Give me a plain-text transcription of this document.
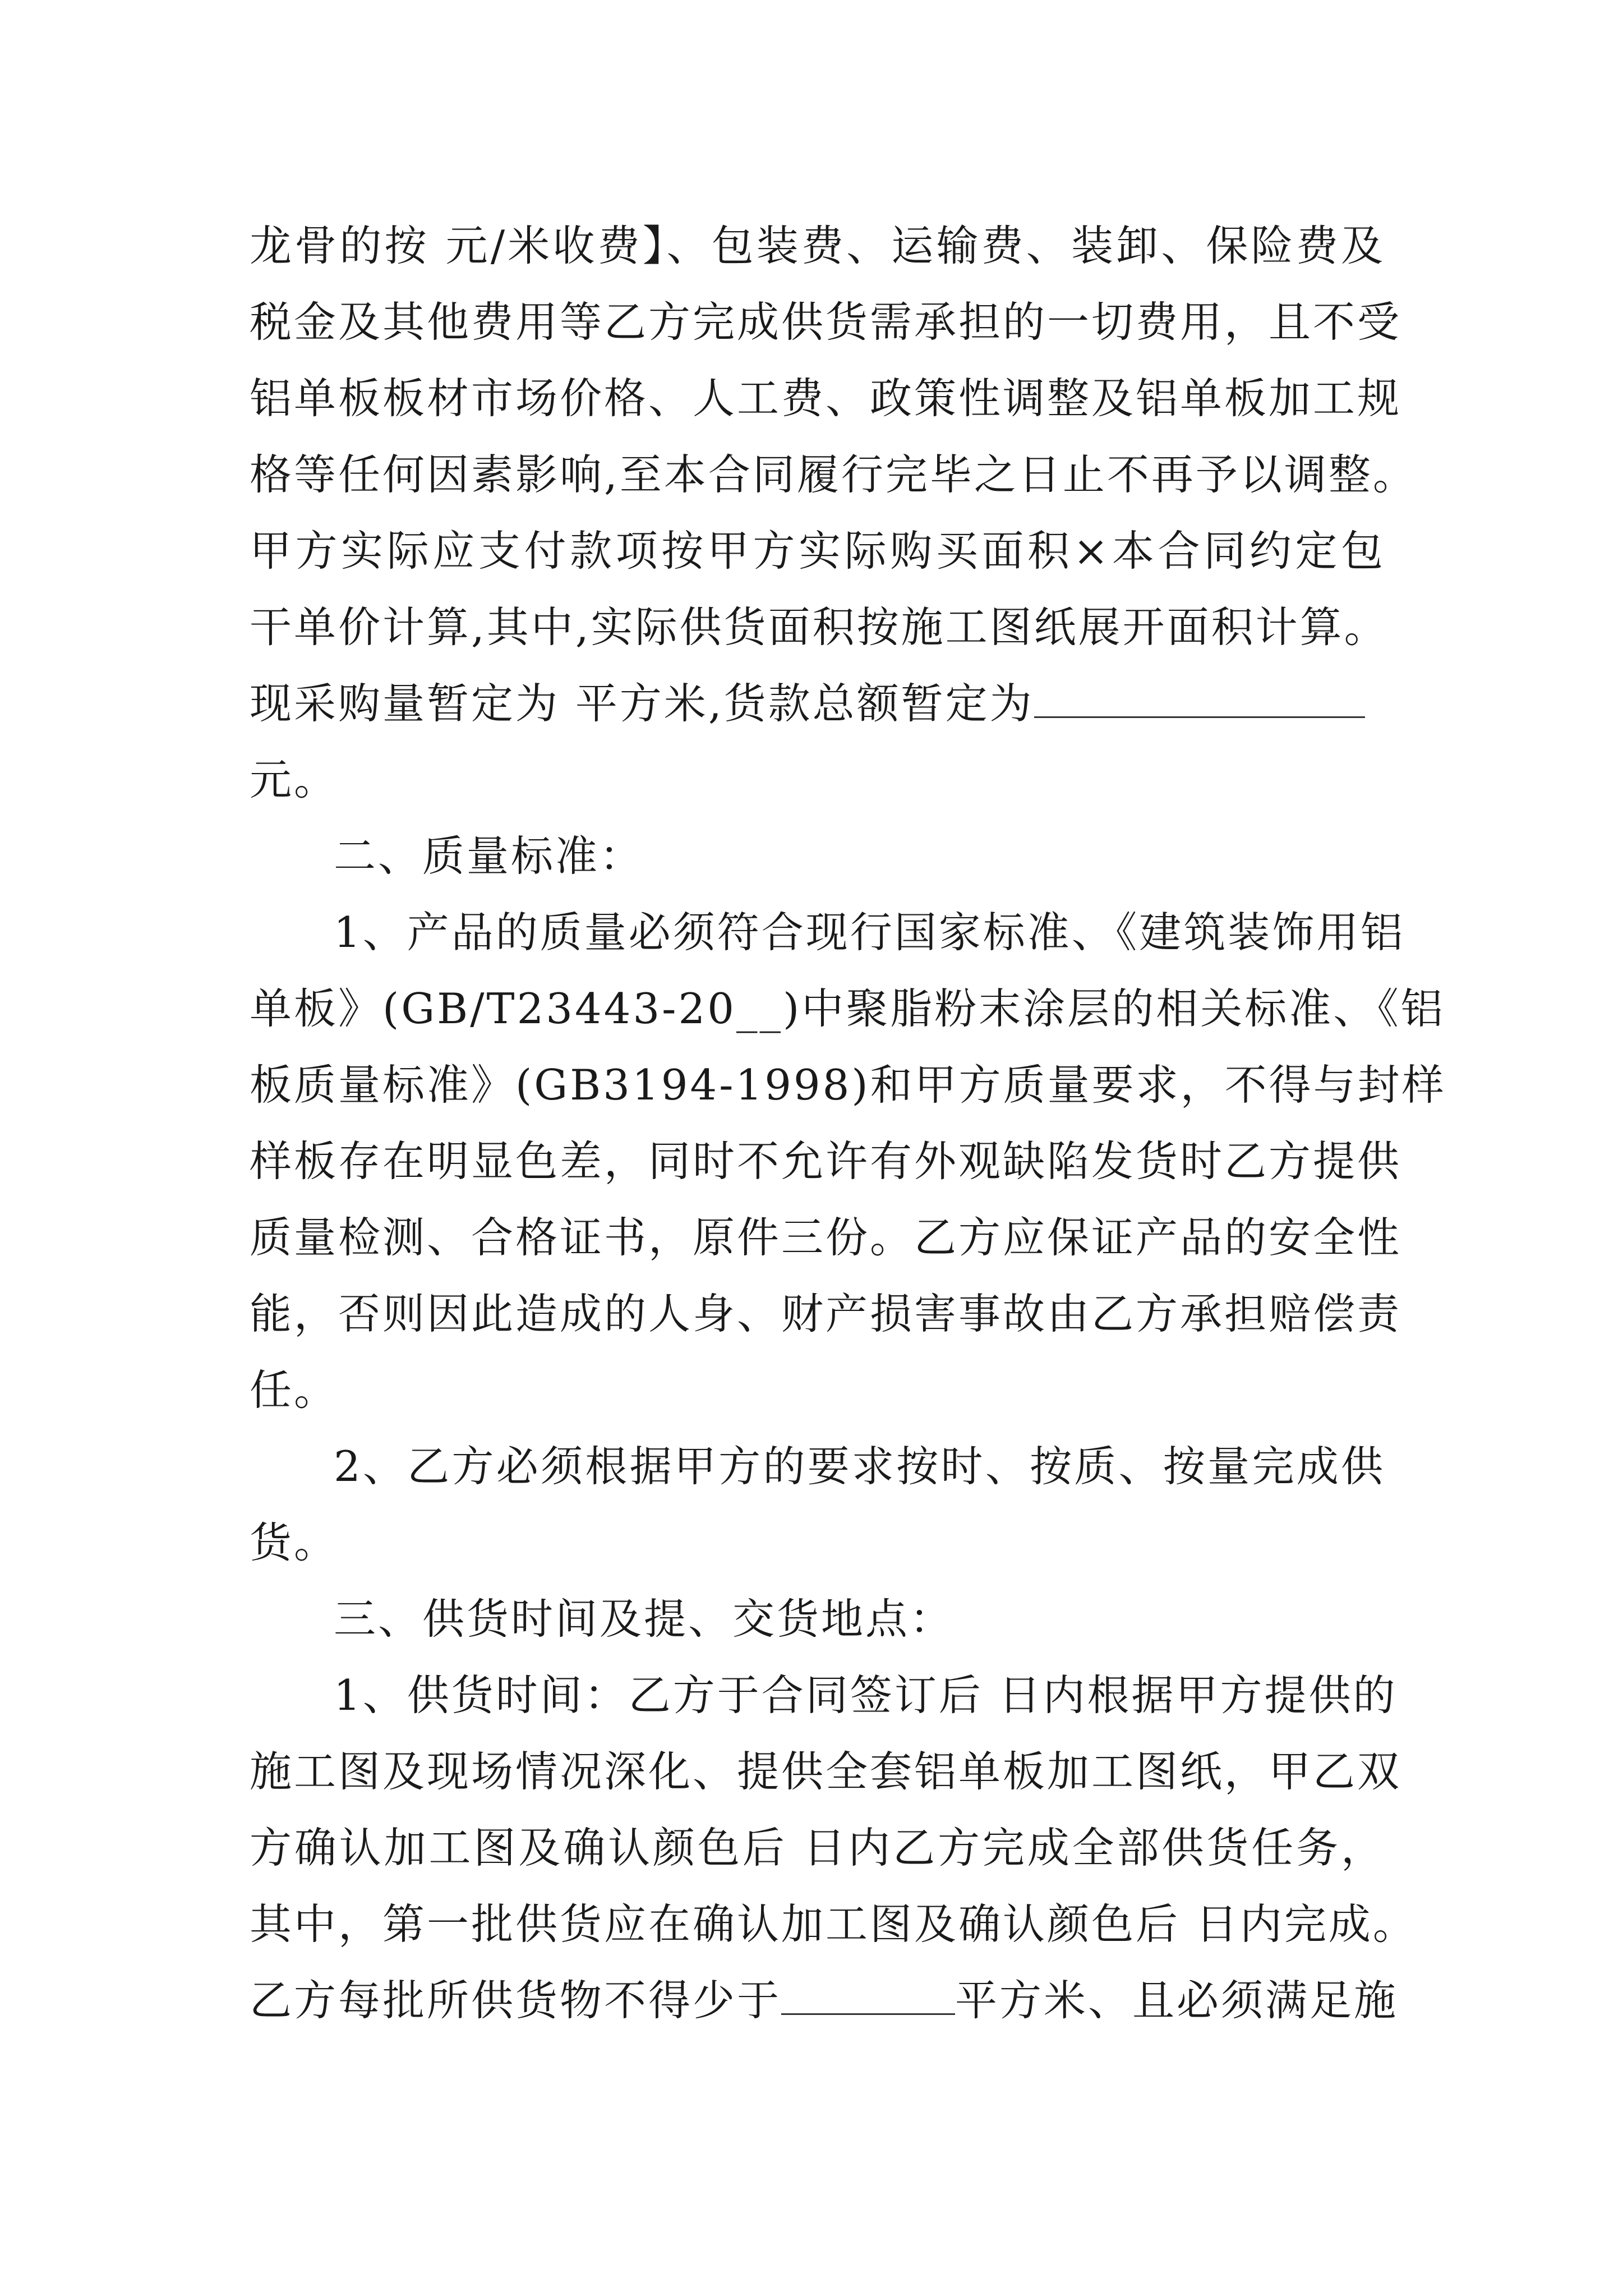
龙骨的按 元/米收费】、包装费、运输费、装卸、保险费及
税金及其他费用等乙方完成供货需承担的一切费用，且不受
铝单板板材市场价格、人工费、政策性调整及铝单板加工规
格等任何因素影响,至本合同履行完毕之日止不再予以调整。
甲方实际应支付款项按甲方实际购买面积×本合同约定包
干单价计算,其中,实际供货面积按施工图纸展开面积计算。
现采购量暂定为 平方米,货款总额暂定为
元。
二、质量标准：
1、产品的质量必须符合现行国家标准、《建筑装饰用铝
单板》(GB/T23443-20__)中聚脂粉末涂层的相关标准、《铝
板质量标准》(GB3194-1998)和甲方质量要求，不得与封样
样板存在明显色差，同时不允许有外观缺陷发货时乙方提供
质量检测、合格证书，原件三份。乙方应保证产品的安全性
能，否则因此造成的人身、财产损害事故由乙方承担赔偿责
任。
2、乙方必须根据甲方的要求按时、按质、按量完成供
货。
三、供货时间及提、交货地点：
1、供货时间：乙方于合同签订后 日内根据甲方提供的
施工图及现场情况深化、提供全套铝单板加工图纸，甲乙双
方确认加工图及确认颜色后 日内乙方完成全部供货任务，
其中，第一批供货应在确认加工图及确认颜色后 日内完成。
乙方每批所供货物不得少于	平方米、且必须满足施
